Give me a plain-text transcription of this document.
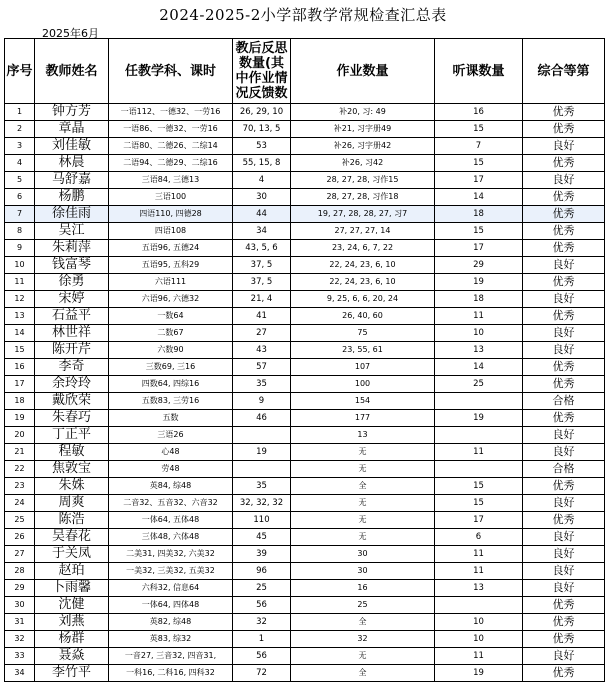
2024-2025-2小学部教学常规检查汇总表
2025年6月
序号	教师姓名	任教学科、课时	教后反思数量(其中作业情况反馈数	作业数量	听课数量	综合等第
1	钟方芳	一语112、一德32、一劳16	26, 29, 10	补20, 习: 49	16	优秀
2	章晶	一语86、一德32、一劳16	70, 13, 5	补21, 习字册49	15	优秀
3	刘佳敏	二语80、二德26、二综14	53	补26, 习字册42	7	良好
4	林晨	二语94、二德29、二综16	55, 15, 8	补26, 习42	15	优秀
5	马舒嘉	三语84, 三德13	4	28, 27, 28, 习作15	17	良好
6	杨鹏	三语100	30	28, 27, 28, 习作18	14	优秀
7	徐佳雨	四语110, 四德28	44	19, 27, 28, 28, 27, 习7	18	优秀
8	吴江	四语108	34	27, 27, 27, 14	15	优秀
9	朱莉萍	五语96, 五德24	43, 5, 6	23, 24, 6, 7, 22	17	优秀
10	钱富琴	五语95, 五科29	37, 5	22, 24, 23, 6, 10	29	良好
11	徐勇	六语111	37, 5	22, 24, 23, 6, 10	19	优秀
12	宋婷	六语96, 六德32	21, 4	9, 25, 6, 6, 20, 24	18	良好
13	石益平	一数64	41	26, 40, 60	11	优秀
14	林世祥	二数67	27	75	10	良好
15	陈开芹	六数90	43	23, 55, 61	13	良好
16	李奇	三数69, 三16	57	107	14	优秀
17	余玲玲	四数64, 四综16	35	100	25	优秀
18	戴欣荣	五数83, 三劳16	9	154		合格
19	朱春巧	五数	46	177	19	优秀
20	丁正平	三语26		13		良好
21	程敏	心48	19	无	11	良好
22	焦敦宝	劳48		无		合格
23	朱姝	英84, 综48	35	全	15	优秀
24	周爽	二音32、五音32、六音32	32, 32, 32	无	15	良好
25	陈浩	一体64, 五体48	110	无	17	优秀
26	吴春花	三体48, 六体48	45	无	6	良好
27	于关凤	二美31, 四美32, 六美32	39	30	11	良好
28	赵珀	一美32, 三美32, 五美32	96	30	11	良好
29	卜雨馨	六科32, 信息64	25	16	13	良好
30	沈健	一体64, 四体48	56	25		优秀
31	刘燕	英82, 综48	32	全	10	优秀
32	杨群	英83, 综32	1	32	10	优秀
33	聂焱	一音27, 三音32, 四音31,	56	无	11	良好
34	李竹平	一科16, 二科16, 四科32	72	全	19	优秀
